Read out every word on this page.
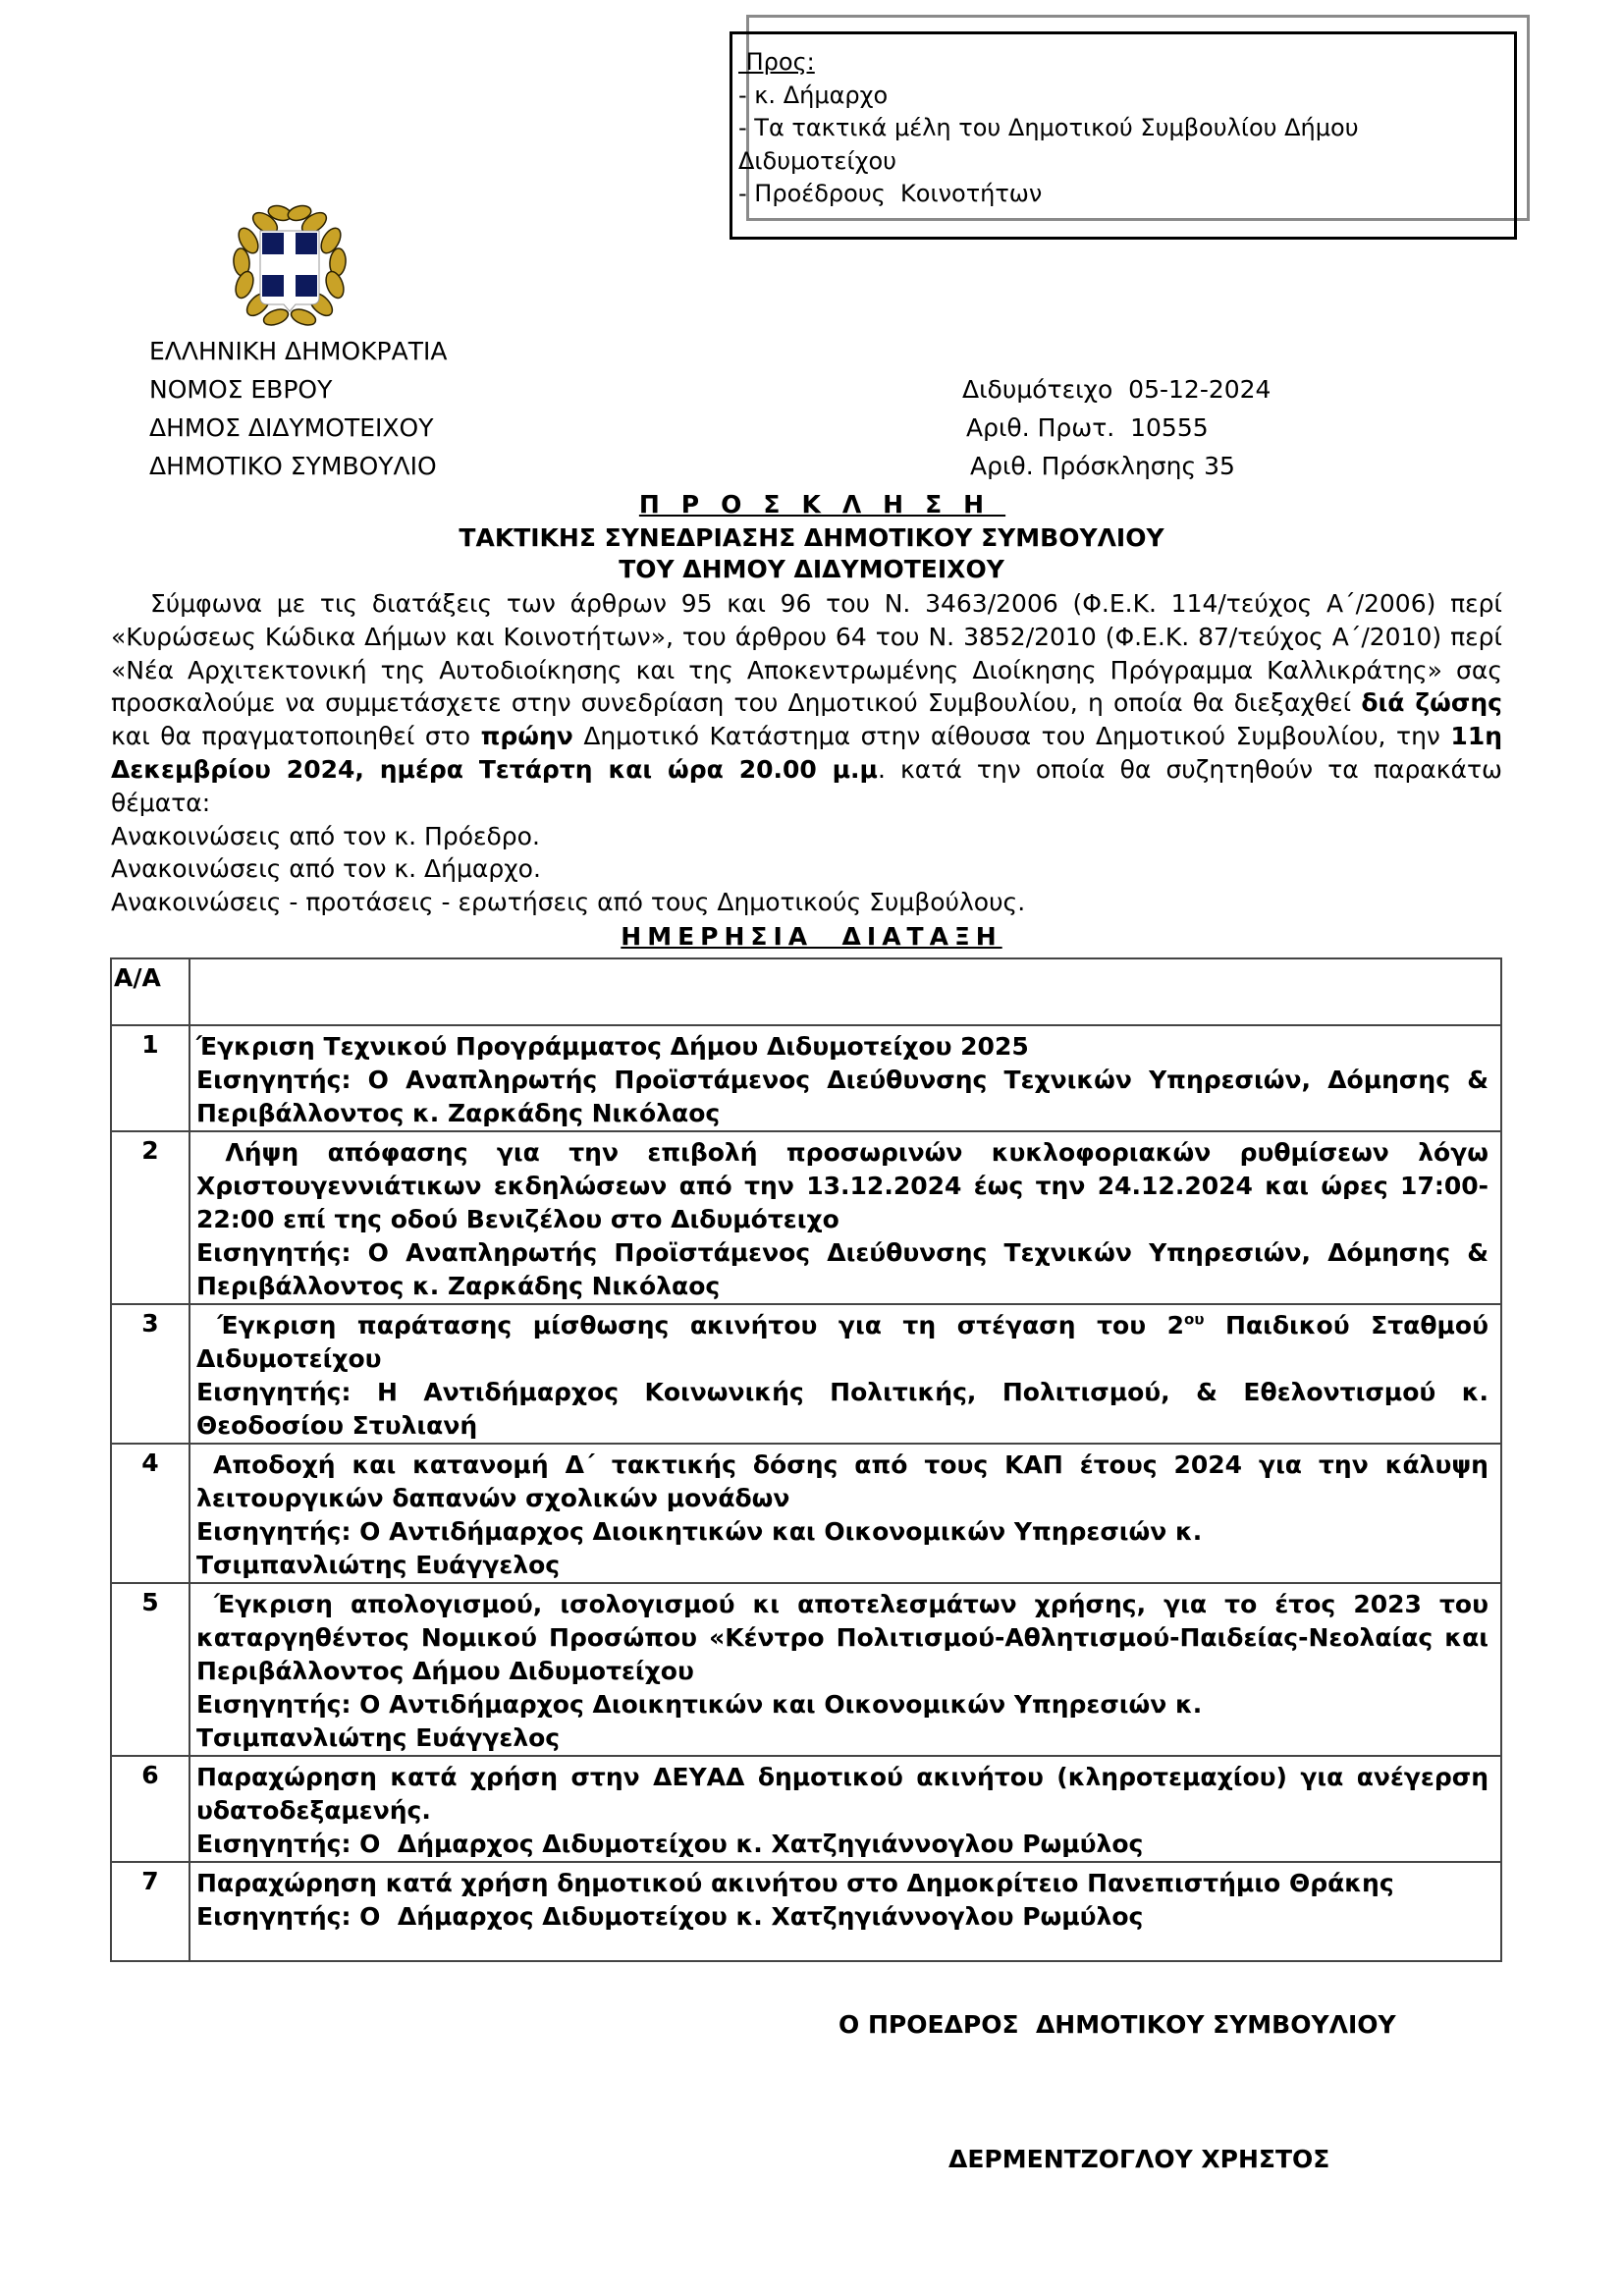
Προς:
- κ. Δήμαρχο
- Τα τακτικά μέλη του Δημοτικού Συμβουλίου Δήμου
Διδυμοτείχου
- Προέδρους  Κοινοτήτων
ΕΛΛΗΝΙΚΗ ΔΗΜΟΚΡΑΤΙΑ
ΝΟΜΟΣ ΕΒΡΟΥ
ΔΗΜΟΣ ΔΙΔΥΜΟΤΕΙΧΟΥ
ΔΗΜΟΤΙΚΟ ΣΥΜΒΟΥΛΙΟ
Διδυμότειχο  05-12-2024
Αριθ. Πρωτ.  10555
Αριθ. Πρόσκλησης 35
ΠΡΟΣΚΛΗΣΗ
ΤΑΚΤΙΚΗΣ ΣΥΝΕΔΡΙΑΣΗΣ ΔΗΜΟΤΙΚΟΥ ΣΥΜΒΟΥΛΙΟΥ
ΤΟΥ ΔΗΜΟΥ ΔΙΔΥΜΟΤΕΙΧΟΥ

Σύμφωνα με τις διατάξεις των άρθρων 95 και 96 του Ν. 3463/2006 (Φ.Ε.Κ. 114/τεύχος Α΄/2006) περί «Κυρώσεως Κώδικα Δήμων και Κοινοτήτων», του άρθρου 64 του Ν. 3852/2010 (Φ.Ε.Κ. 87/τεύχος Α΄/2010) περί «Νέα Αρχιτεκτονική της Αυτοδιοίκησης και της Αποκεντρωμένης Διοίκησης Πρόγραμμα Καλλικράτης» σας προσκαλούμε να συμμετάσχετε στην συνεδρίαση του Δημοτικού Συμβουλίου, η οποία θα διεξαχθεί διά ζώσης και θα πραγματοποιηθεί στο πρώην Δημοτικό Κατάστημα στην αίθουσα του Δημοτικού Συμβουλίου, την 11η Δεκεμβρίου 2024, ημέρα Τετάρτη και ώρα 20.00 μ.μ. κατά την οποία θα συζητηθούν τα παρακάτω θέματα:

Ανακοινώσεις από τον κ. Πρόεδρο.

Ανακοινώσεις από τον κ. Δήμαρχο.

Ανακοινώσεις - προτάσεις - ερωτήσεις από τους Δημοτικούς Συμβούλους.

ΗΜΕΡΗΣΙΑ  ΔΙΑΤΑΞΗ
Α/Α	
1	Έγκριση Τεχνικού Προγράμματος Δήμου Διδυμοτείχου 2025
Εισηγητής: Ο Αναπληρωτής Προϊστάμενος Διεύθυνσης Τεχνικών Υπηρεσιών, Δόμησης & Περιβάλλοντος κ. Ζαρκάδης Νικόλαος

2	Λήψη απόφασης για την επιβολή προσωρινών κυκλοφοριακών ρυθμίσεων λόγω Χριστουγεννιάτικων εκδηλώσεων από την 13.12.2024 έως την 24.12.2024 και ώρες 17:00-22:00 επί της οδού Βενιζέλου στο Διδυμότειχο
Εισηγητής: Ο Αναπληρωτής Προϊστάμενος Διεύθυνσης Τεχνικών Υπηρεσιών, Δόμησης & Περιβάλλοντος κ. Ζαρκάδης Νικόλαος

3	Έγκριση παράτασης μίσθωσης ακινήτου για τη στέγαση του $2^{o\upsilon}$ Παιδικού Σταθμού Διδυμοτείχου
Εισηγητής: Η Αντιδήμαρχος Κοινωνικής Πολιτικής, Πολιτισμού, & Εθελοντισμού κ. Θεοδοσίου Στυλιανή

4	Αποδοχή και κατανομή Δ΄ τακτικής δόσης από τους ΚΑΠ έτους 2024 για την κάλυψη λειτουργικών δαπανών σχολικών μονάδων
Εισηγητής: Ο Αντιδήμαρχος Διοικητικών και Οικονομικών Υπηρεσιών κ.
Τσιμπανλιώτης Ευάγγελος

5	Έγκριση απολογισμού, ισολογισμού κι αποτελεσμάτων χρήσης, για το έτος 2023 του καταργηθέντος Νομικού Προσώπου «Κέντρο Πολιτισμού-Αθλητισμού-Παιδείας-Νεολαίας και Περιβάλλοντος Δήμου Διδυμοτείχου
Εισηγητής: Ο Αντιδήμαρχος Διοικητικών και Οικονομικών Υπηρεσιών κ.
Τσιμπανλιώτης Ευάγγελος

6	Παραχώρηση κατά χρήση στην ΔΕΥΑΔ δημοτικού ακινήτου (κληροτεμαχίου) για ανέγερση υδατοδεξαμενής.
Εισηγητής: Ο  Δήμαρχος Διδυμοτείχου κ. Χατζηγιάννογλου Ρωμύλος

7	Παραχώρηση κατά χρήση δημοτικού ακινήτου στο Δημοκρίτειο Πανεπιστήμιο Θράκης
Εισηγητής: Ο  Δήμαρχος Διδυμοτείχου κ. Χατζηγιάννογλου Ρωμύλος
Ο ΠΡΟΕΔΡΟΣ  ΔΗΜΟΤΙΚΟΥ ΣΥΜΒΟΥΛΙΟΥ
ΔΕΡΜΕΝΤΖΟΓΛΟΥ ΧΡΗΣΤΟΣ
